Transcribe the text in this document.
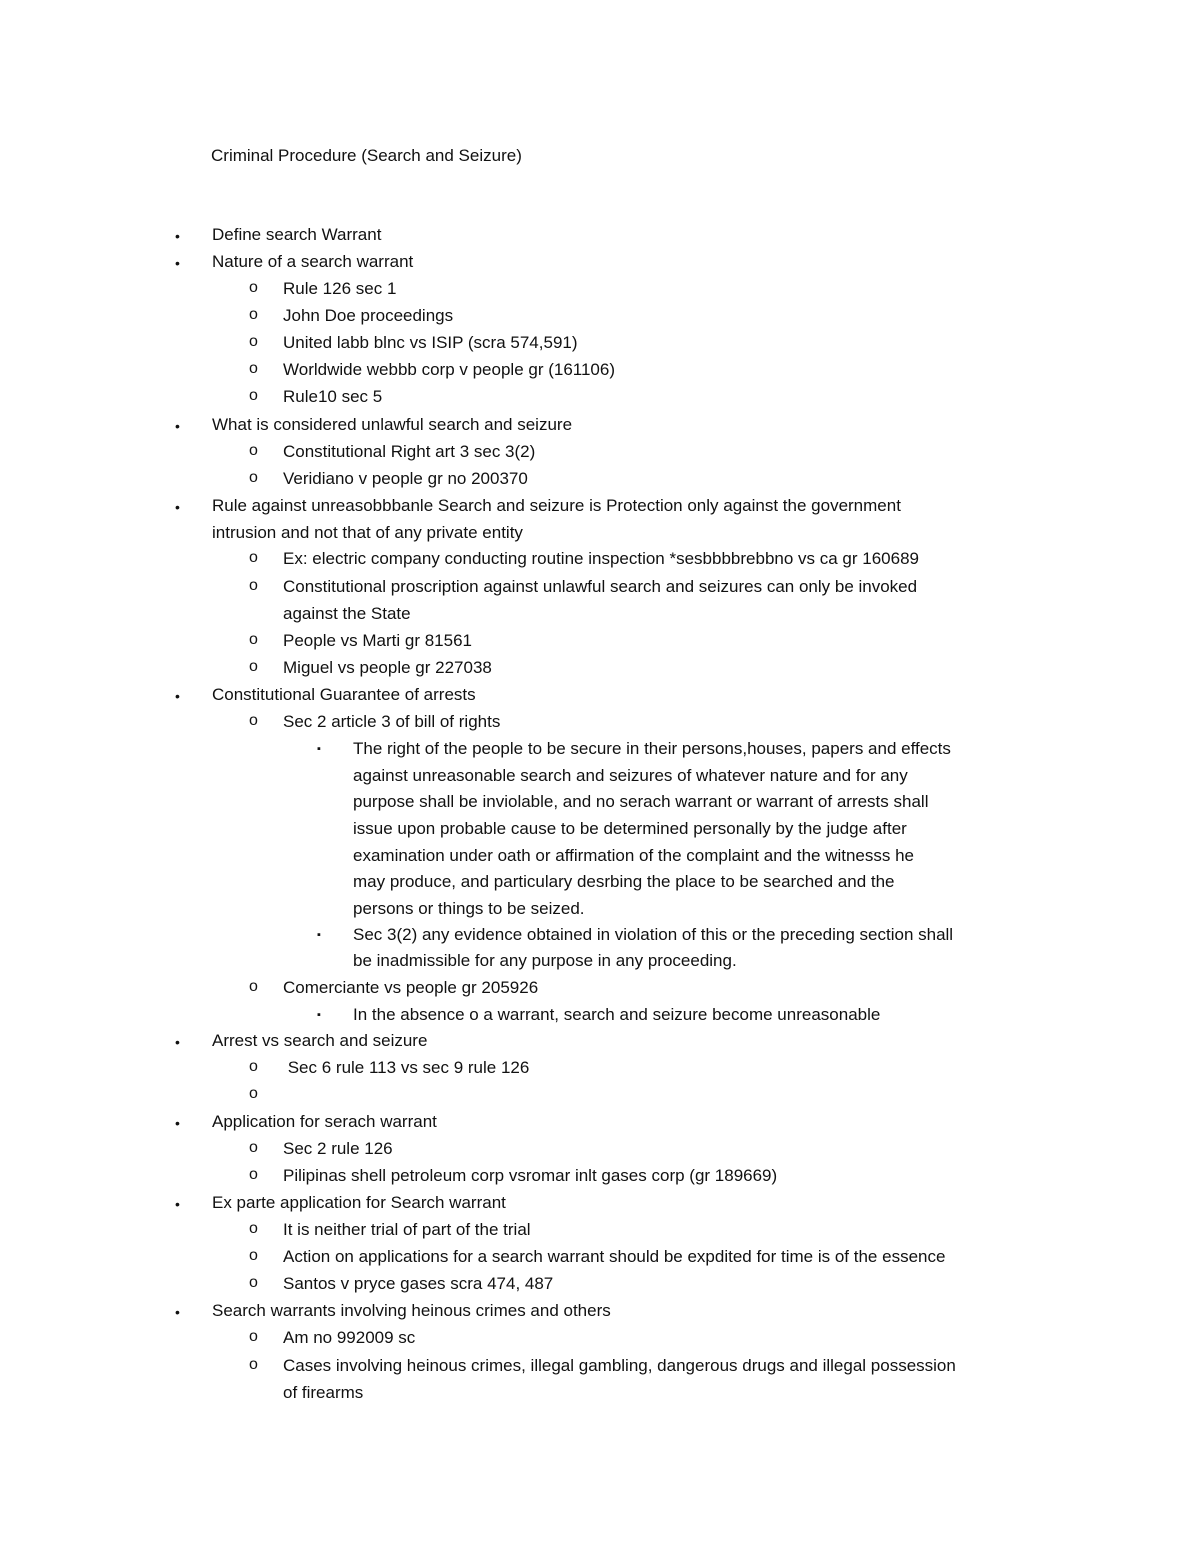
Criminal Procedure (Search and Seizure)
• Define search Warrant
• Nature of a search warrant
o Rule 126 sec 1
o John Doe proceedings
o United labb blnc vs ISIP (scra 574,591)
o Worldwide webbb corp v people gr (161106)
o Rule10 sec 5
• What is considered unlawful search and seizure
o Constitutional Right art 3 sec 3(2)
o Veridiano v people gr no 200370
• Rule against unreasobbbanle Search and seizure is Protection only against the government
intrusion and not that of any private entity
o Ex: electric company conducting routine inspection *sesbbbbrebbno vs ca gr 160689
o Constitutional proscription against unlawful search and seizures can only be invoked
against the State
o People vs Marti gr 81561
o Miguel vs people gr 227038
• Constitutional Guarantee of arrests
o Sec 2 article 3 of bill of rights
▪ The right of the people to be secure in their persons,houses, papers and effects
against unreasonable search and seizures of whatever nature and for any
purpose shall be inviolable, and no serach warrant or warrant of arrests shall
issue upon probable cause to be determined personally by the judge after
examination under oath or affirmation of the complaint and the witnesss he
may produce, and particulary desrbing the place to be searched and the
persons or things to be seized.
▪ Sec 3(2) any evidence obtained in violation of this or the preceding section shall
be inadmissible for any purpose in any proceeding.
o Comerciante vs people gr 205926
▪ In the absence o a warrant, search and seizure become unreasonable
• Arrest vs search and seizure
o Sec 6 rule 113 vs sec 9 rule 126
o
• Application for serach warrant
o Sec 2 rule 126
o Pilipinas shell petroleum corp vsromar inlt gases corp (gr 189669)
• Ex parte application for Search warrant
o It is neither trial of part of the trial
o Action on applications for a search warrant should be expdited for time is of the essence
o Santos v pryce gases scra 474, 487
• Search warrants involving heinous crimes and others
o Am no 992009 sc
o Cases involving heinous crimes, illegal gambling, dangerous drugs and illegal possession
of firearms
